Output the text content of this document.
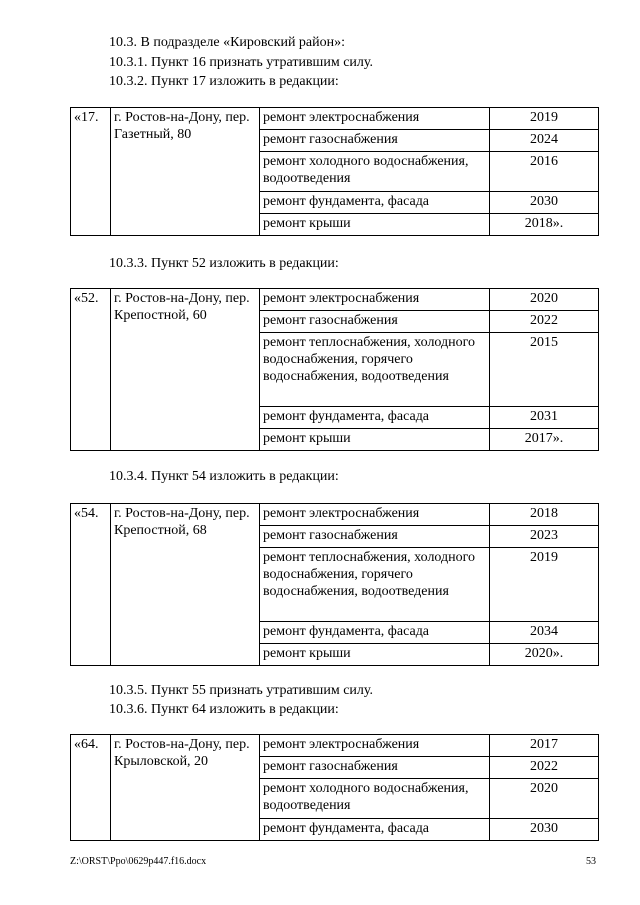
10.3. В подразделе «Кировский район»:
10.3.1. Пункт 16 признать утратившим силу.
10.3.2. Пункт 17 изложить в редакции:
«17.	г. Ростов-на-Дону, пер. Газетный, 80	ремонт электроснабжения	2019
		ремонт газоснабжения	2024
		ремонт холодного водоснабжения, водоотведения	2016
		ремонт фундамента, фасада	2030
		ремонт крыши	2018».
10.3.3. Пункт 52 изложить в редакции:
«52.	г. Ростов-на-Дону, пер. Крепостной, 60	ремонт электроснабжения	2020
		ремонт газоснабжения	2022
		ремонт теплоснабжения, холодного водоснабжения, горячего водоснабжения, водоотведения	2015
		ремонт фундамента, фасада	2031
		ремонт крыши	2017».
10.3.4. Пункт 54 изложить в редакции:
«54.	г. Ростов-на-Дону, пер. Крепостной, 68	ремонт электроснабжения	2018
		ремонт газоснабжения	2023
		ремонт теплоснабжения, холодного водоснабжения, горячего водоснабжения, водоотведения	2019
		ремонт фундамента, фасада	2034
		ремонт крыши	2020».
10.3.5. Пункт 55 признать утратившим силу.
10.3.6. Пункт 64 изложить в редакции:
«64.	г. Ростов-на-Дону, пер. Крыловской, 20	ремонт электроснабжения	2017
		ремонт газоснабжения	2022
		ремонт холодного водоснабжения, водоотведения	2020
		ремонт фундамента, фасада	2030
Z:\ORST\Ppo\0629p447.f16.docx	53
